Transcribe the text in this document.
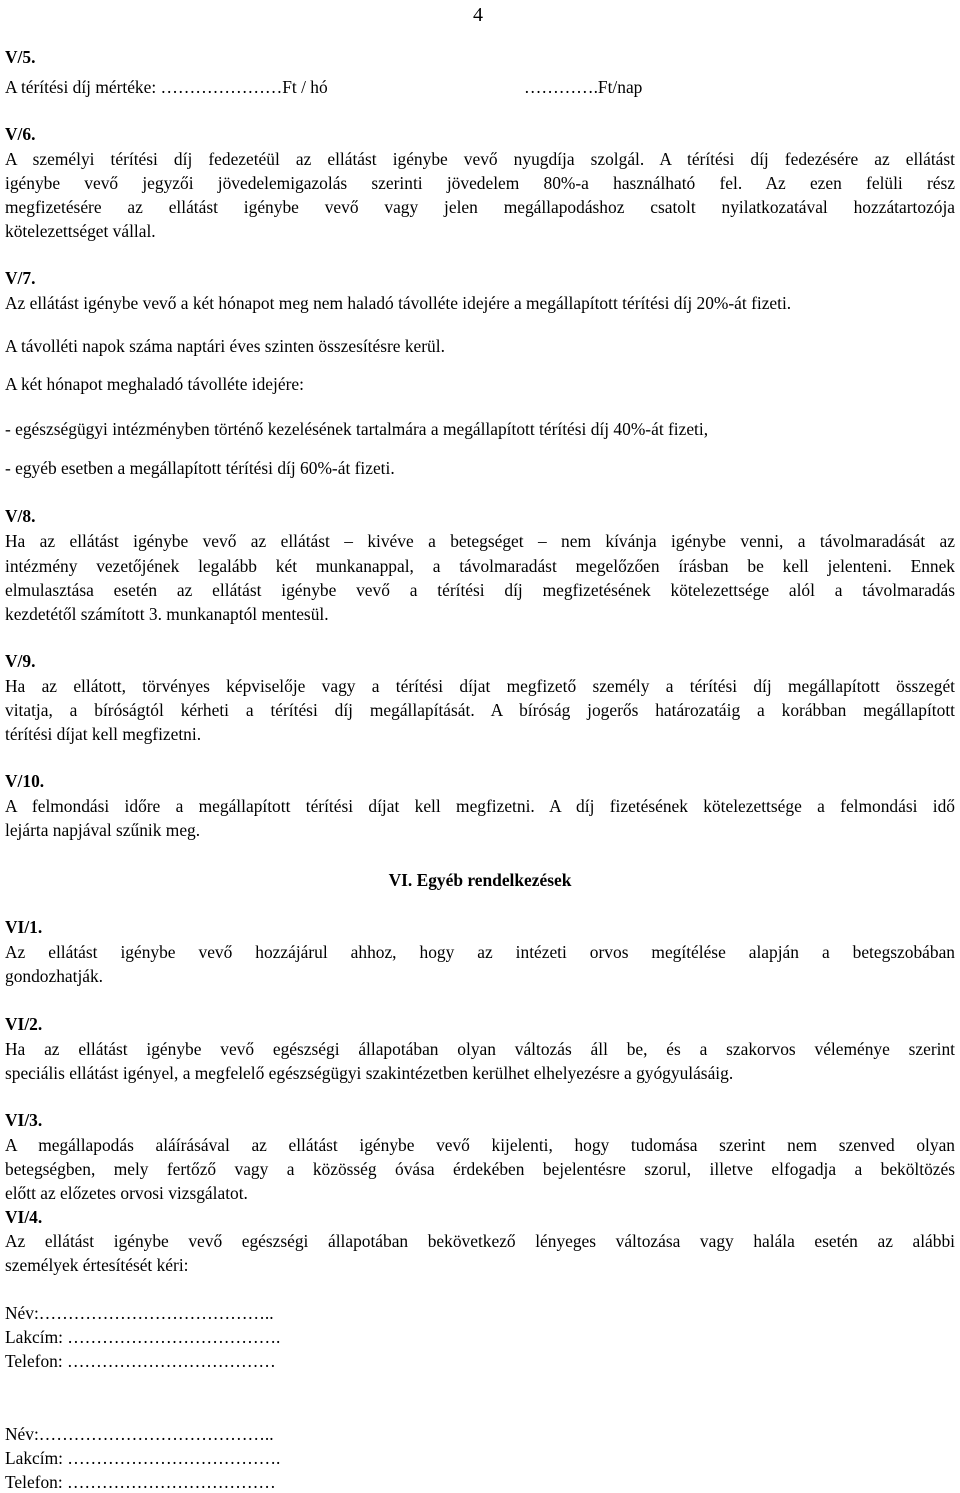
4
V/5.
A térítési díj mértéke: …………………Ft / hó	………….Ft/nap
V/6.
A személyi térítési díj fedezetéül az ellátást igénybe vevő nyugdíja szolgál. A térítési díj fedezésére az ellátást
igénybe vevő jegyzői jövedelemigazolás szerinti jövedelem 80%-a használható fel. Az ezen felüli rész
megfizetésére az ellátást igénybe vevő vagy jelen megállapodáshoz csatolt nyilatkozatával hozzátartozója
kötelezettséget vállal.
V/7.
Az ellátást igénybe vevő a két hónapot meg nem haladó távolléte idejére a megállapított térítési díj 20%-át fizeti.
A távolléti napok száma naptári éves szinten összesítésre kerül.
A két hónapot meghaladó távolléte idejére:
- egészségügyi intézményben történő kezelésének tartalmára a megállapított térítési díj 40%-át fizeti,
- egyéb esetben a megállapított térítési díj 60%-át fizeti.
V/8.
Ha az ellátást igénybe vevő az ellátást – kivéve a betegséget – nem kívánja igénybe venni, a távolmaradását az
intézmény vezetőjének legalább két munkanappal, a távolmaradást megelőzően írásban be kell jelenteni. Ennek
elmulasztása esetén az ellátást igénybe vevő a térítési díj megfizetésének kötelezettsége alól a távolmaradás
kezdetétől számított 3. munkanaptól mentesül.
V/9.
Ha az ellátott, törvényes képviselője vagy a térítési díjat megfizető személy a térítési díj megállapított összegét
vitatja, a bíróságtól kérheti a térítési díj megállapítását. A bíróság jogerős határozatáig a korábban megállapított
térítési díjat kell megfizetni.
V/10.
A felmondási időre a megállapított térítési díjat kell megfizetni. A díj fizetésének kötelezettsége a felmondási idő
lejárta napjával szűnik meg.
VI. Egyéb rendelkezések
VI/1.
Az ellátást igénybe vevő hozzájárul ahhoz, hogy az intézeti orvos megítélése alapján a betegszobában
gondozhatják.
VI/2.
Ha az ellátást igénybe vevő egészségi állapotában olyan változás áll be, és a szakorvos véleménye szerint
speciális ellátást igényel, a megfelelő egészségügyi szakintézetben kerülhet elhelyezésre a gyógyulásáig.
VI/3.
A megállapodás aláírásával az ellátást igénybe vevő kijelenti, hogy tudomása szerint nem szenved olyan
betegségben, mely fertőző vagy a közösség óvása érdekében bejelentésre szorul, illetve elfogadja a beköltözés
előtt az előzetes orvosi vizsgálatot.
VI/4.
Az ellátást igénybe vevő egészségi állapotában bekövetkező lényeges változása vagy halála esetén az alábbi
személyek értesítését kéri:
Név:…………………………………..
Lakcím: ……………………………….
Telefon: ………………………………
Név:…………………………………..
Lakcím: ……………………………….
Telefon: ………………………………
